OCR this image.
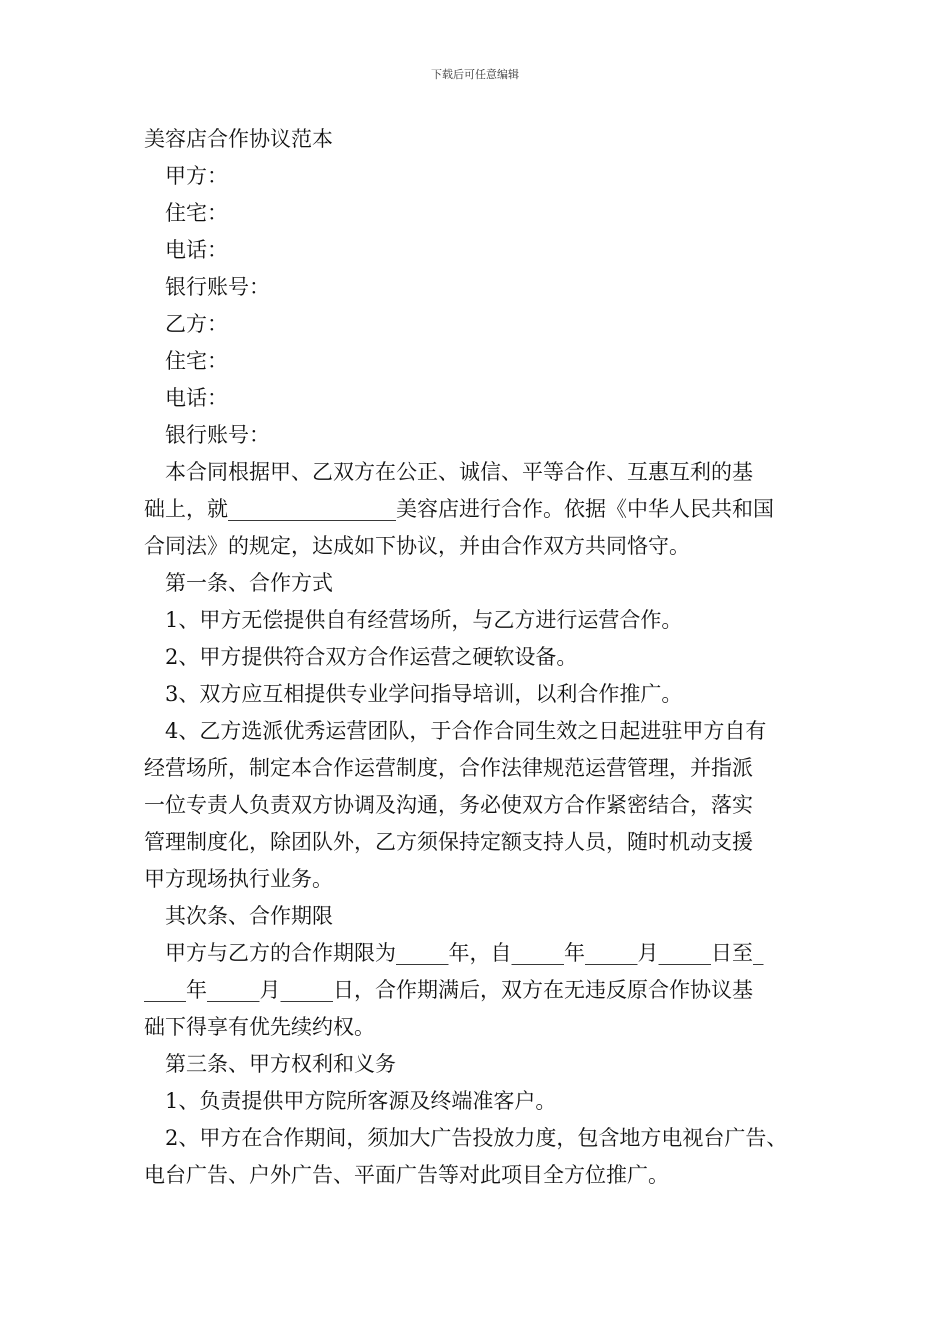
下载后可任意编辑
美容店合作协议范本
甲方：
住宅：
电话：
银行账号：
乙方：
住宅：
电话：
银行账号：
本合同根据甲、乙双方在公正、诚信、平等合作、互惠互利的基
础上，就________________美容店进行合作。依据《中华人民共和国
合同法》的规定，达成如下协议，并由合作双方共同恪守。
第一条、合作方式
1、甲方无偿提供自有经营场所，与乙方进行运营合作。
2、甲方提供符合双方合作运营之硬软设备。
3、双方应互相提供专业学问指导培训，以利合作推广。
4、乙方选派优秀运营团队，于合作合同生效之日起进驻甲方自有
经营场所，制定本合作运营制度，合作法律规范运营管理，并指派
一位专责人负责双方协调及沟通，务必使双方合作紧密结合，落实
管理制度化，除团队外，乙方须保持定额支持人员，随时机动支援
甲方现场执行业务。
其次条、合作期限
甲方与乙方的合作期限为_____年，自_____年_____月_____日至_
____年_____月_____日，合作期满后，双方在无违反原合作协议基
础下得享有优先续约权。
第三条、甲方权利和义务
1、负责提供甲方院所客源及终端准客户。
2、甲方在合作期间，须加大广告投放力度，包含地方电视台广告、
电台广告、户外广告、平面广告等对此项目全方位推广。
